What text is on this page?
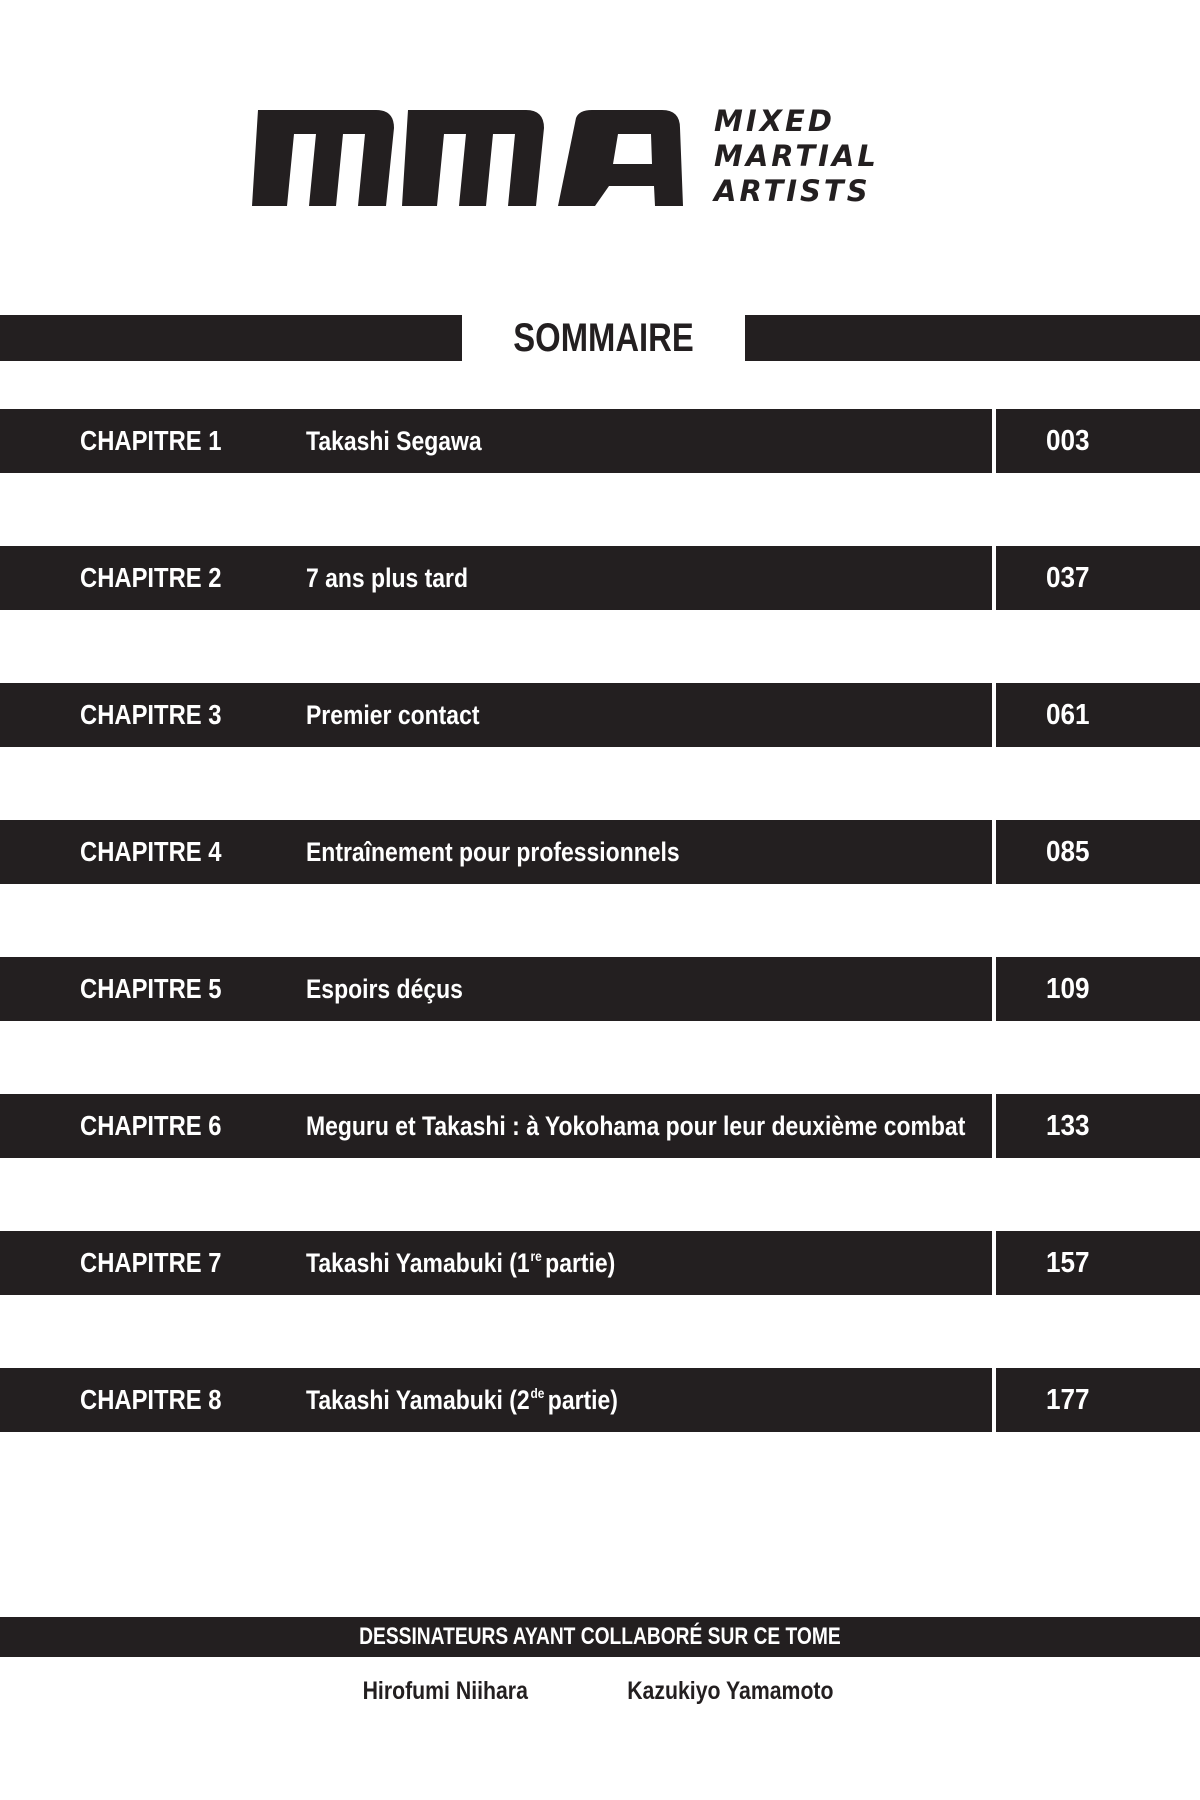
MIXED
MARTIAL
ARTISTS
SOMMAIRE
CHAPITRE 1	Takashi Segawa	003
CHAPITRE 2	7 ans plus tard	037
CHAPITRE 3	Premier contact	061
CHAPITRE 4	Entraînement pour professionnels	085
CHAPITRE 5	Espoirs déçus	109
CHAPITRE 6	Meguru et Takashi : à Yokohama pour leur deuxième combat	133
CHAPITRE 7	Takashi Yamabuki (1re partie)	157
CHAPITRE 8	Takashi Yamabuki (2de partie)	177
DESSINATEURS AYANT COLLABORÉ SUR CE TOME
Hirofumi Niihara	Kazukiyo Yamamoto
